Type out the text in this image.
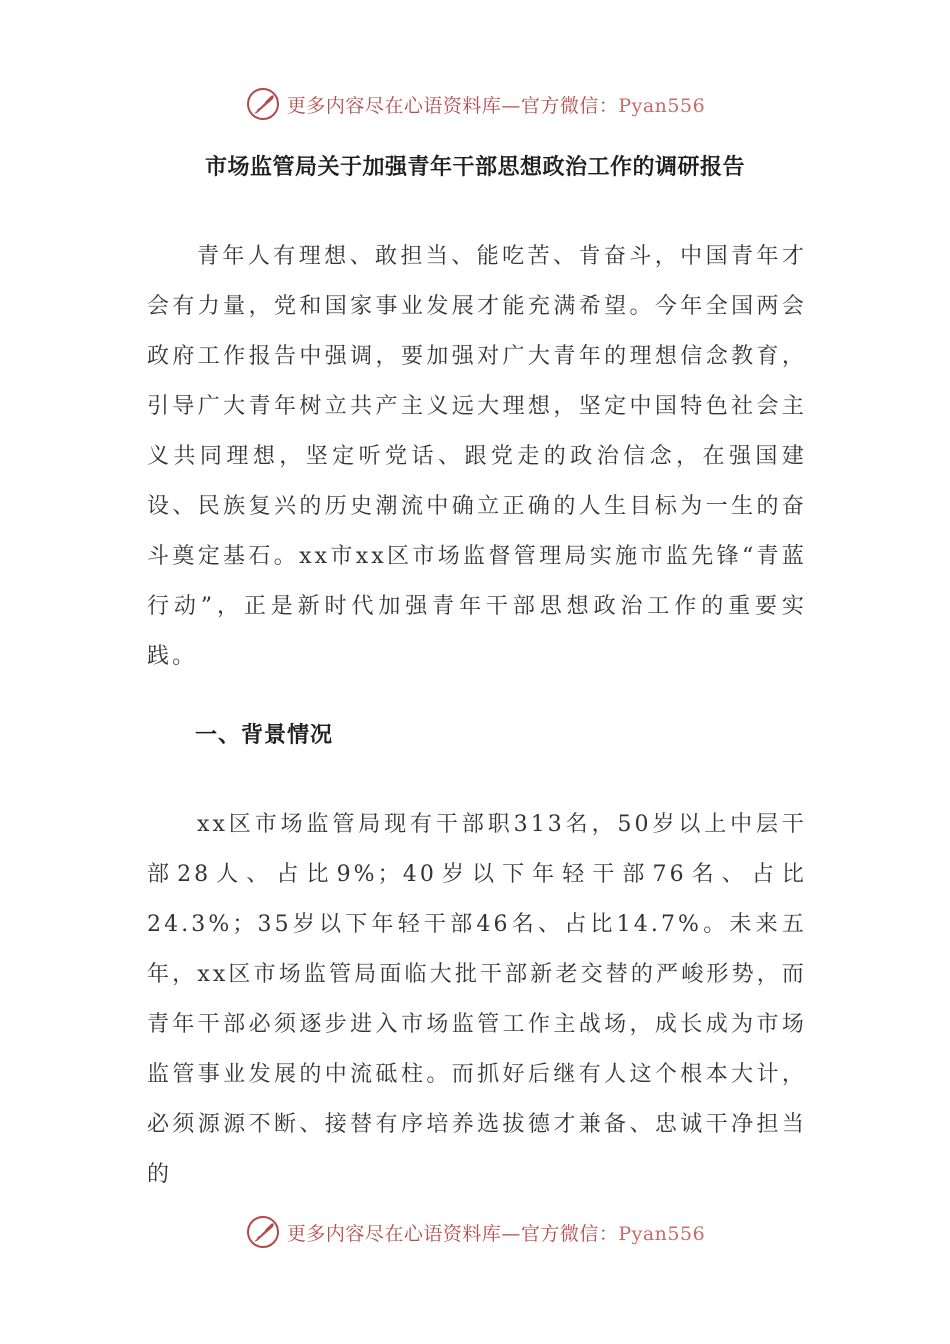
更多内容尽在心语资料库—官方微信：Pyan556
市场监管局关于加强青年干部思想政治工作的调研报告

青年人有理想、敢担当、能吃苦、肯奋斗，中国青年才会有力量，党和国家事业发展才能充满希望。今年全国两会政府工作报告中强调，要加强对广大青年的理想信念教育，引导广大青年树立共产主义远大理想，坚定中国特色社会主义共同理想，坚定听党话、跟党走的政治信念，在强国建设、民族复兴的历史潮流中确立正确的人生目标为一生的奋斗奠定基石。xx市xx区市场监督管理局实施市监先锋“青蓝行动”，正是新时代加强青年干部思想政治工作的重要实践。

一、背景情况

xx区市场监管局现有干部职313名，50岁以上中层干部28人、占比9%；40岁以下年轻干部76名、占比24.3%；35岁以下年轻干部46名、占比14.7%。未来五年，xx区市场监管局面临大批干部新老交替的严峻形势，而青年干部必须逐步进入市场监管工作主战场，成长成为市场监管事业发展的中流砥柱。而抓好后继有人这个根本大计，必须源源不断、接替有序培养选拔德才兼备、忠诚干净担当的

更多内容尽在心语资料库—官方微信：Pyan556
